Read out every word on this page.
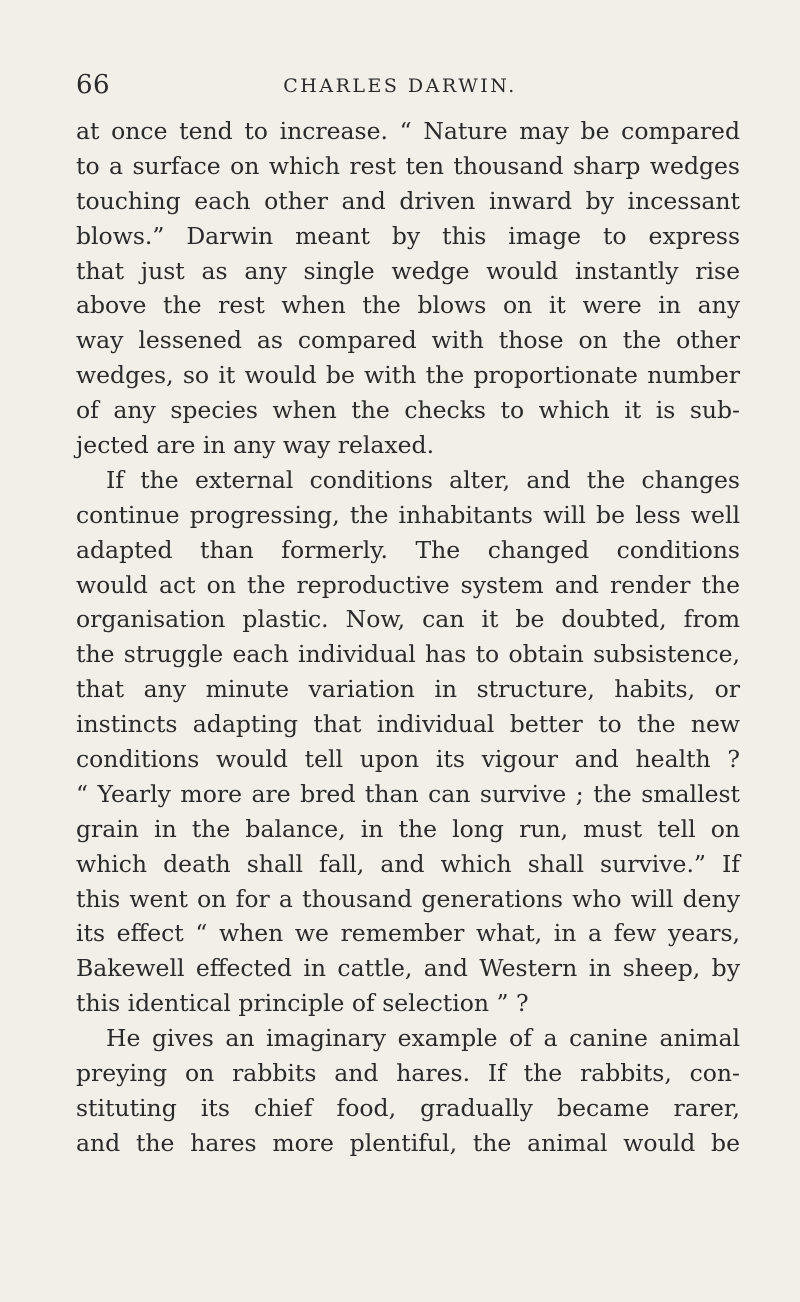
66	CHARLES DARWIN.
at once tend to increase. “ Nature may be compared
to a surface on which rest ten thousand sharp wedges
touching each other and driven inward by incessant
blows.” Darwin meant by this image to express
that just as any single wedge would instantly rise
above the rest when the blows on it were in any
way lessened as compared with those on the other
wedges, so it would be with the proportionate number
of any species when the checks to which it is sub-
jected are in any way relaxed.
If the external conditions alter, and the changes
continue progressing, the inhabitants will be less well
adapted than formerly. The changed conditions
would act on the reproductive system and render the
organisation plastic. Now, can it be doubted, from
the struggle each individual has to obtain subsistence,
that any minute variation in structure, habits, or
instincts adapting that individual better to the new
conditions would tell upon its vigour and health ?
“ Yearly more are bred than can survive ; the smallest
grain in the balance, in the long run, must tell on
which death shall fall, and which shall survive.” If
this went on for a thousand generations who will deny
its effect “ when we remember what, in a few years,
Bakewell effected in cattle, and Western in sheep, by
this identical principle of selection ” ?
He gives an imaginary example of a canine animal
preying on rabbits and hares. If the rabbits, con-
stituting its chief food, gradually became rarer,
and the hares more plentiful, the animal would be
